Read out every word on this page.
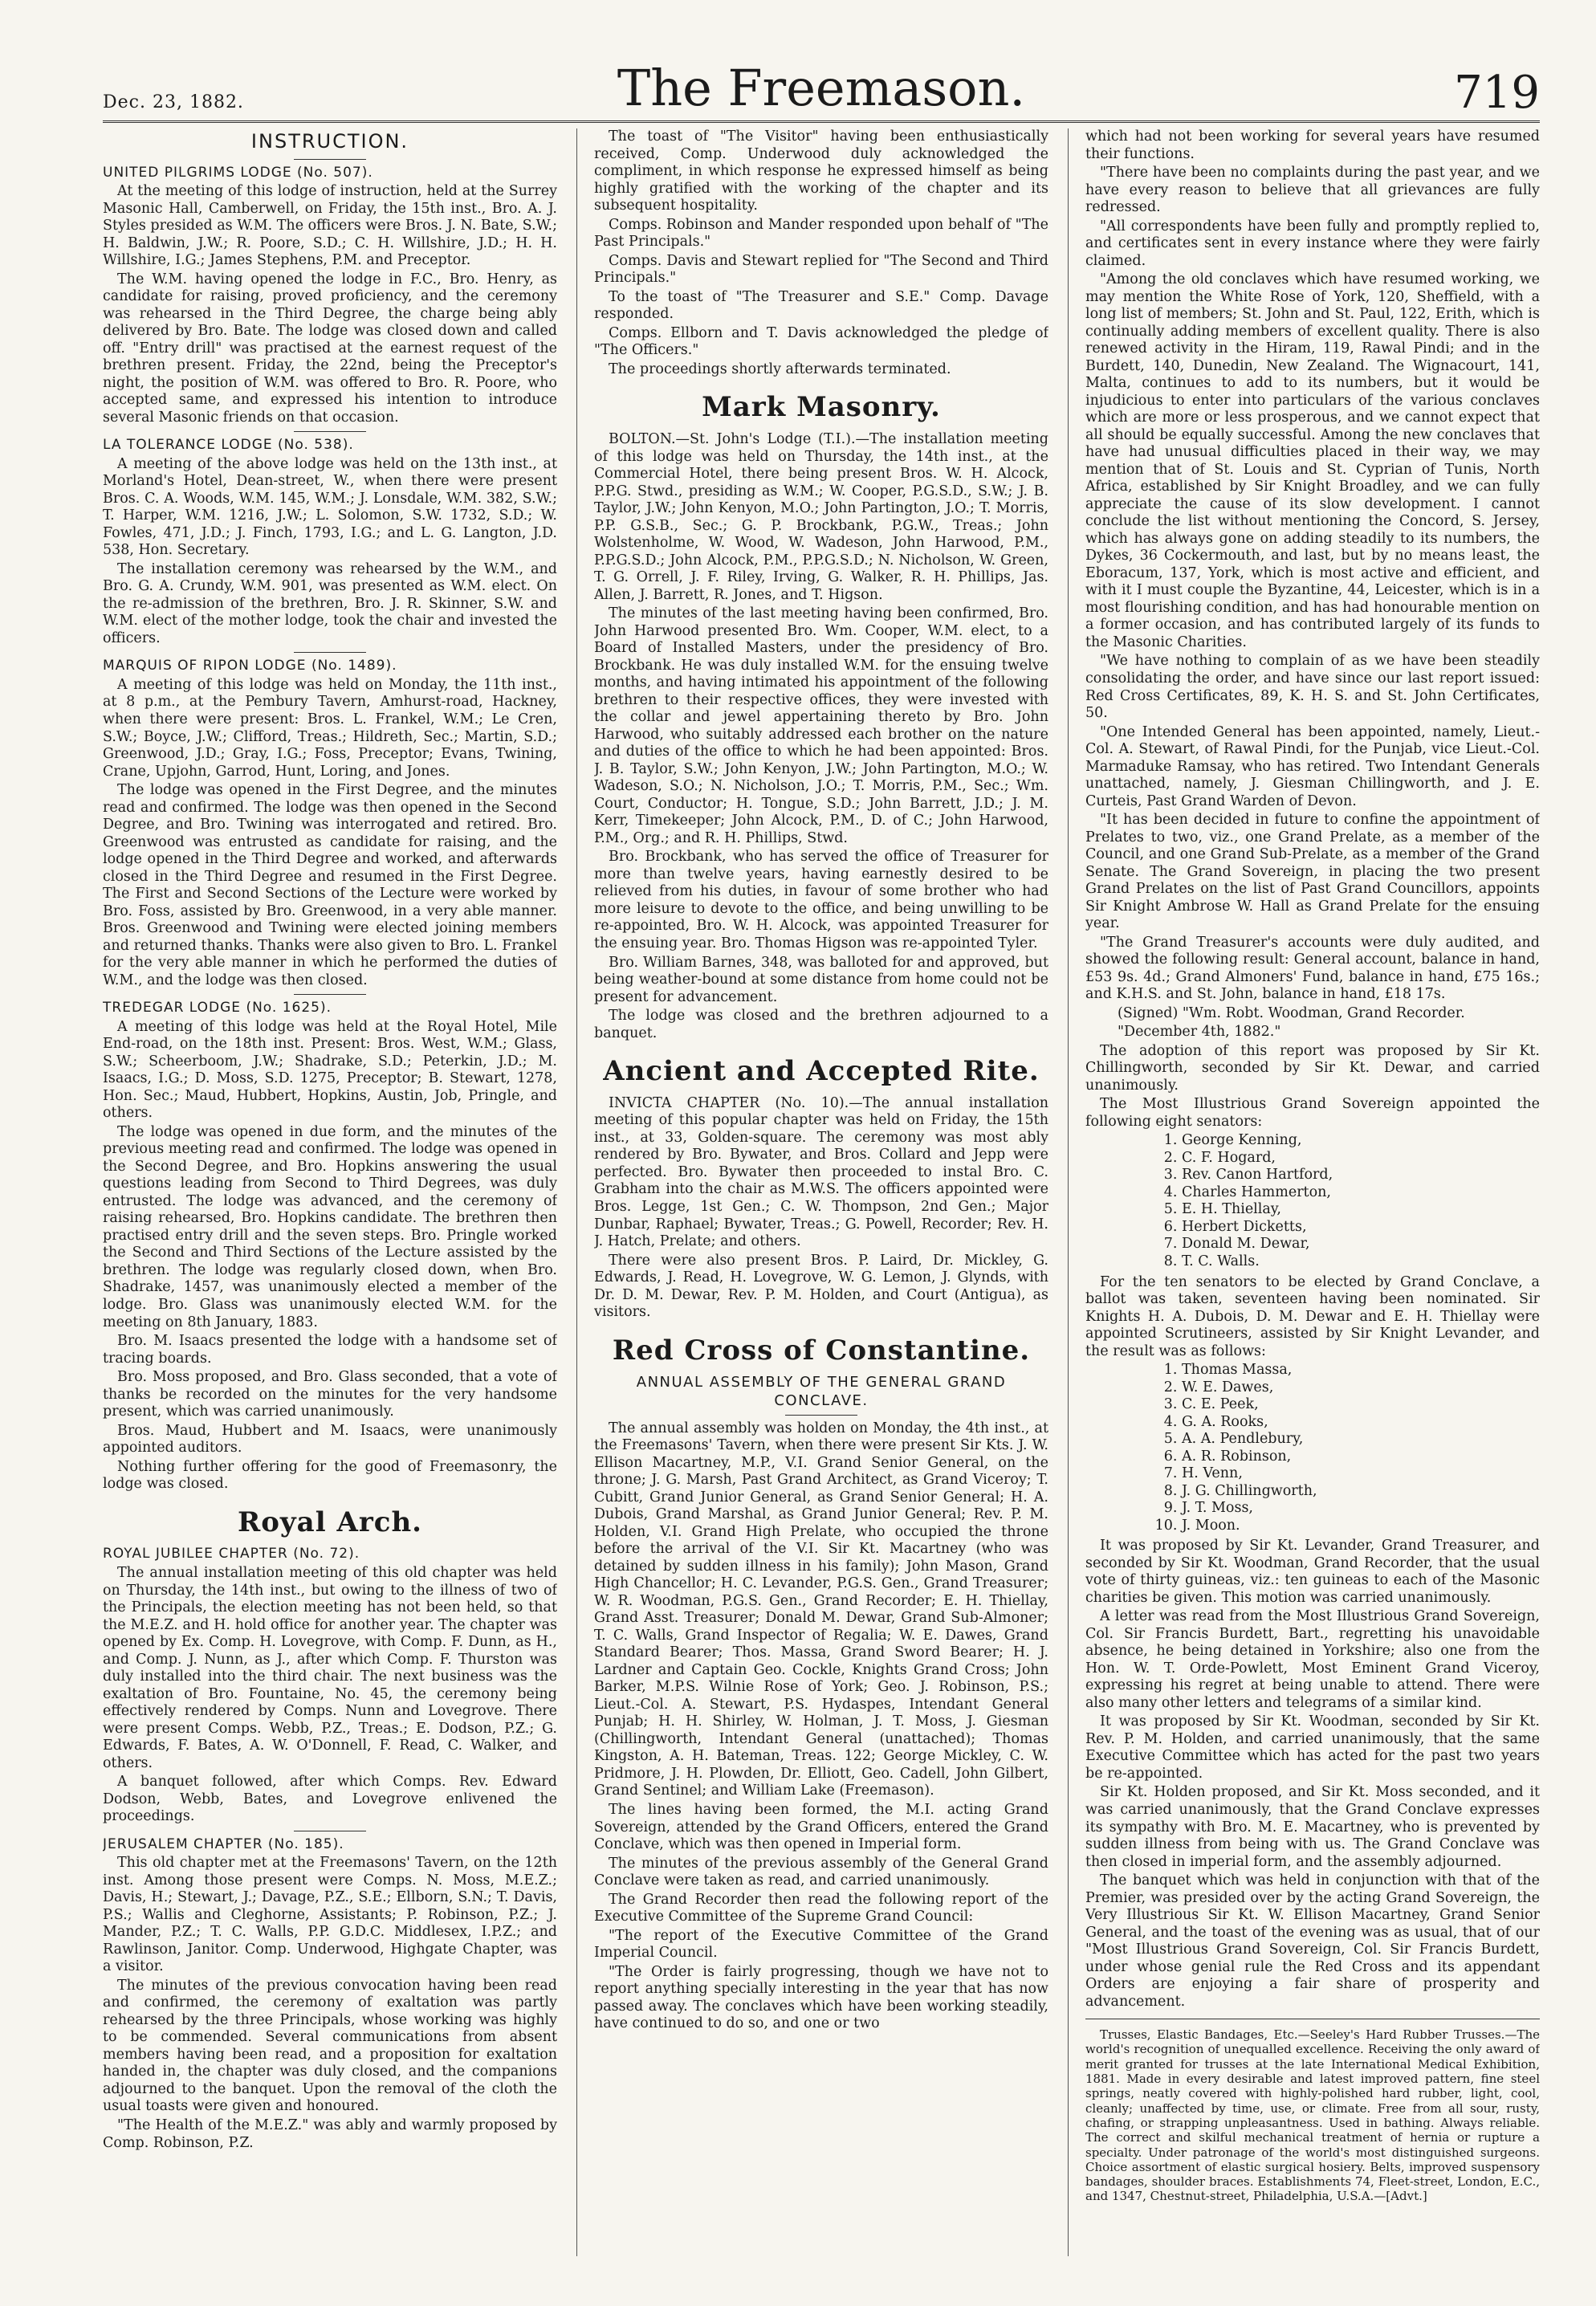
Dec. 23, 1882.	The Freemason.	719
INSTRUCTION.

UNITED PILGRIMS LODGE (No. 507).

At the meeting of this lodge of instruction, held at the Surrey Masonic Hall, Camberwell, on Friday, the 15th inst., Bro. A. J. Styles presided as W.M. The officers were Bros. J. N. Bate, S.W.; H. Baldwin, J.W.; R. Poore, S.D.; C. H. Willshire, J.D.; H. H. Willshire, I.G.; James Stephens, P.M. and Preceptor.

The W.M. having opened the lodge in F.C., Bro. Henry, as candidate for raising, proved proficiency, and the ceremony was rehearsed in the Third Degree, the charge being ably delivered by Bro. Bate. The lodge was closed down and called off. "Entry drill" was practised at the earnest request of the brethren present. Friday, the 22nd, being the Preceptor's night, the position of W.M. was offered to Bro. R. Poore, who accepted same, and expressed his intention to introduce several Masonic friends on that occasion.

LA TOLERANCE LODGE (No. 538).

A meeting of the above lodge was held on the 13th inst., at Morland's Hotel, Dean-street, W., when there were present Bros. C. A. Woods, W.M. 145, W.M.; J. Lonsdale, W.M. 382, S.W.; T. Harper, W.M. 1216, J.W.; L. Solomon, S.W. 1732, S.D.; W. Fowles, 471, J.D.; J. Finch, 1793, I.G.; and L. G. Langton, J.D. 538, Hon. Secretary.

The installation ceremony was rehearsed by the W.M., and Bro. G. A. Crundy, W.M. 901, was presented as W.M. elect. On the re-admission of the brethren, Bro. J. R. Skinner, S.W. and W.M. elect of the mother lodge, took the chair and invested the officers.

MARQUIS OF RIPON LODGE (No. 1489).

A meeting of this lodge was held on Monday, the 11th inst., at 8 p.m., at the Pembury Tavern, Amhurst-road, Hackney, when there were present: Bros. L. Frankel, W.M.; Le Cren, S.W.; Boyce, J.W.; Clifford, Treas.; Hildreth, Sec.; Martin, S.D.; Greenwood, J.D.; Gray, I.G.; Foss, Preceptor; Evans, Twining, Crane, Upjohn, Garrod, Hunt, Loring, and Jones.

The lodge was opened in the First Degree, and the minutes read and confirmed. The lodge was then opened in the Second Degree, and Bro. Twining was interrogated and retired. Bro. Greenwood was entrusted as candidate for raising, and the lodge opened in the Third Degree and worked, and afterwards closed in the Third Degree and resumed in the First Degree. The First and Second Sections of the Lecture were worked by Bro. Foss, assisted by Bro. Greenwood, in a very able manner. Bros. Greenwood and Twining were elected joining members and returned thanks. Thanks were also given to Bro. L. Frankel for the very able manner in which he performed the duties of W.M., and the lodge was then closed.

TREDEGAR LODGE (No. 1625).

A meeting of this lodge was held at the Royal Hotel, Mile End-road, on the 18th inst. Present: Bros. West, W.M.; Glass, S.W.; Scheerboom, J.W.; Shadrake, S.D.; Peterkin, J.D.; M. Isaacs, I.G.; D. Moss, S.D. 1275, Preceptor; B. Stewart, 1278, Hon. Sec.; Maud, Hubbert, Hopkins, Austin, Job, Pringle, and others.

The lodge was opened in due form, and the minutes of the previous meeting read and confirmed. The lodge was opened in the Second Degree, and Bro. Hopkins answering the usual questions leading from Second to Third Degrees, was duly entrusted. The lodge was advanced, and the ceremony of raising rehearsed, Bro. Hopkins candidate. The brethren then practised entry drill and the seven steps. Bro. Pringle worked the Second and Third Sections of the Lecture assisted by the brethren. The lodge was regularly closed down, when Bro. Shadrake, 1457, was unanimously elected a member of the lodge. Bro. Glass was unanimously elected W.M. for the meeting on 8th January, 1883.

Bro. M. Isaacs presented the lodge with a handsome set of tracing boards.

Bro. Moss proposed, and Bro. Glass seconded, that a vote of thanks be recorded on the minutes for the very handsome present, which was carried unanimously.

Bros. Maud, Hubbert and M. Isaacs, were unanimously appointed auditors.

Nothing further offering for the good of Freemasonry, the lodge was closed.

Royal Arch.

ROYAL JUBILEE CHAPTER (No. 72).

The annual installation meeting of this old chapter was held on Thursday, the 14th inst., but owing to the illness of two of the Principals, the election meeting has not been held, so that the M.E.Z. and H. hold office for another year. The chapter was opened by Ex. Comp. H. Lovegrove, with Comp. F. Dunn, as H., and Comp. J. Nunn, as J., after which Comp. F. Thurston was duly installed into the third chair. The next business was the exaltation of Bro. Fountaine, No. 45, the ceremony being effectively rendered by Comps. Nunn and Lovegrove. There were present Comps. Webb, P.Z., Treas.; E. Dodson, P.Z.; G. Edwards, F. Bates, A. W. O'Donnell, F. Read, C. Walker, and others.

A banquet followed, after which Comps. Rev. Edward Dodson, Webb, Bates, and Lovegrove enlivened the proceedings.

JERUSALEM CHAPTER (No. 185).

This old chapter met at the Freemasons' Tavern, on the 12th inst. Among those present were Comps. N. Moss, M.E.Z.; Davis, H.; Stewart, J.; Davage, P.Z., S.E.; Ellborn, S.N.; T. Davis, P.S.; Wallis and Cleghorne, Assistants; P. Robinson, P.Z.; J. Mander, P.Z.; T. C. Walls, P.P. G.D.C. Middlesex, I.P.Z.; and Rawlinson, Janitor. Comp. Underwood, Highgate Chapter, was a visitor.

The minutes of the previous convocation having been read and confirmed, the ceremony of exaltation was partly rehearsed by the three Principals, whose working was highly to be commended. Several communications from absent members having been read, and a proposition for exaltation handed in, the chapter was duly closed, and the companions adjourned to the banquet. Upon the removal of the cloth the usual toasts were given and honoured.

"The Health of the M.E.Z." was ably and warmly proposed by Comp. Robinson, P.Z.

The toast of "The Visitor" having been enthusiastically received, Comp. Underwood duly acknowledged the compliment, in which response he expressed himself as being highly gratified with the working of the chapter and its subsequent hospitality.

Comps. Robinson and Mander responded upon behalf of "The Past Principals."

Comps. Davis and Stewart replied for "The Second and Third Principals."

To the toast of "The Treasurer and S.E." Comp. Davage responded.

Comps. Ellborn and T. Davis acknowledged the pledge of "The Officers."

The proceedings shortly afterwards terminated.

Mark Masonry.

BOLTON.—St. John's Lodge (T.I.).—The installation meeting of this lodge was held on Thursday, the 14th inst., at the Commercial Hotel, there being present Bros. W. H. Alcock, P.P.G. Stwd., presiding as W.M.; W. Cooper, P.G.S.D., S.W.; J. B. Taylor, J.W.; John Kenyon, M.O.; John Partington, J.O.; T. Morris, P.P. G.S.B., Sec.; G. P. Brockbank, P.G.W., Treas.; John Wolstenholme, W. Wood, W. Wadeson, John Harwood, P.M., P.P.G.S.D.; John Alcock, P.M., P.P.G.S.D.; N. Nicholson, W. Green, T. G. Orrell, J. F. Riley, Irving, G. Walker, R. H. Phillips, Jas. Allen, J. Barrett, R. Jones, and T. Higson.

The minutes of the last meeting having been confirmed, Bro. John Harwood presented Bro. Wm. Cooper, W.M. elect, to a Board of Installed Masters, under the presidency of Bro. Brockbank. He was duly installed W.M. for the ensuing twelve months, and having intimated his appointment of the following brethren to their respective offices, they were invested with the collar and jewel appertaining thereto by Bro. John Harwood, who suitably addressed each brother on the nature and duties of the office to which he had been appointed: Bros. J. B. Taylor, S.W.; John Kenyon, J.W.; John Partington, M.O.; W. Wadeson, S.O.; N. Nicholson, J.O.; T. Morris, P.M., Sec.; Wm. Court, Conductor; H. Tongue, S.D.; John Barrett, J.D.; J. M. Kerr, Timekeeper; John Alcock, P.M., D. of C.; John Harwood, P.M., Org.; and R. H. Phillips, Stwd.

Bro. Brockbank, who has served the office of Treasurer for more than twelve years, having earnestly desired to be relieved from his duties, in favour of some brother who had more leisure to devote to the office, and being unwilling to be re-appointed, Bro. W. H. Alcock, was appointed Treasurer for the ensuing year. Bro. Thomas Higson was re-appointed Tyler.

Bro. William Barnes, 348, was balloted for and approved, but being weather-bound at some distance from home could not be present for advancement.

The lodge was closed and the brethren adjourned to a banquet.

Ancient and Accepted Rite.

INVICTA CHAPTER (No. 10).—The annual installation meeting of this popular chapter was held on Friday, the 15th inst., at 33, Golden-square. The ceremony was most ably rendered by Bro. Bywater, and Bros. Collard and Jepp were perfected. Bro. Bywater then proceeded to instal Bro. C. Grabham into the chair as M.W.S. The officers appointed were Bros. Legge, 1st Gen.; C. W. Thompson, 2nd Gen.; Major Dunbar, Raphael; Bywater, Treas.; G. Powell, Recorder; Rev. H. J. Hatch, Prelate; and others.

There were also present Bros. P. Laird, Dr. Mickley, G. Edwards, J. Read, H. Lovegrove, W. G. Lemon, J. Glynds, with Dr. D. M. Dewar, Rev. P. M. Holden, and Court (Antigua), as visitors.

Red Cross of Constantine.
ANNUAL ASSEMBLY OF THE GENERAL GRAND CONCLAVE.

The annual assembly was holden on Monday, the 4th inst., at the Freemasons' Tavern, when there were present Sir Kts. J. W. Ellison Macartney, M.P., V.I. Grand Senior General, on the throne; J. G. Marsh, Past Grand Architect, as Grand Viceroy; T. Cubitt, Grand Junior General, as Grand Senior General; H. A. Dubois, Grand Marshal, as Grand Junior General; Rev. P. M. Holden, V.I. Grand High Prelate, who occupied the throne before the arrival of the V.I. Sir Kt. Macartney (who was detained by sudden illness in his family); John Mason, Grand High Chancellor; H. C. Levander, P.G.S. Gen., Grand Treasurer; W. R. Woodman, P.G.S. Gen., Grand Recorder; E. H. Thiellay, Grand Asst. Treasurer; Donald M. Dewar, Grand Sub-Almoner; T. C. Walls, Grand Inspector of Regalia; W. E. Dawes, Grand Standard Bearer; Thos. Massa, Grand Sword Bearer; H. J. Lardner and Captain Geo. Cockle, Knights Grand Cross; John Barker, M.P.S. Wilnie Rose of York; Geo. J. Robinson, P.S.; Lieut.-Col. A. Stewart, P.S. Hydaspes, Intendant General Punjab; H. H. Shirley, W. Holman, J. T. Moss, J. Giesman (Chillingworth, Intendant General (unattached); Thomas Kingston, A. H. Bateman, Treas. 122; George Mickley, C. W. Pridmore, J. H. Plowden, Dr. Elliott, Geo. Cadell, John Gilbert, Grand Sentinel; and William Lake (Freemason).

The lines having been formed, the M.I. acting Grand Sovereign, attended by the Grand Officers, entered the Grand Conclave, which was then opened in Imperial form.

The minutes of the previous assembly of the General Grand Conclave were taken as read, and carried unanimously.

The Grand Recorder then read the following report of the Executive Committee of the Supreme Grand Council:

"The report of the Executive Committee of the Grand Imperial Council.

"The Order is fairly progressing, though we have not to report anything specially interesting in the year that has now passed away. The conclaves which have been working steadily, have continued to do so, and one or two

which had not been working for several years have resumed their functions.

"There have been no complaints during the past year, and we have every reason to believe that all grievances are fully redressed.

"All correspondents have been fully and promptly replied to, and certificates sent in every instance where they were fairly claimed.

"Among the old conclaves which have resumed working, we may mention the White Rose of York, 120, Sheffield, with a long list of members; St. John and St. Paul, 122, Erith, which is continually adding members of excellent quality. There is also renewed activity in the Hiram, 119, Rawal Pindi; and in the Burdett, 140, Dunedin, New Zealand. The Wignacourt, 141, Malta, continues to add to its numbers, but it would be injudicious to enter into particulars of the various conclaves which are more or less prosperous, and we cannot expect that all should be equally successful. Among the new conclaves that have had unusual difficulties placed in their way, we may mention that of St. Louis and St. Cyprian of Tunis, North Africa, established by Sir Knight Broadley, and we can fully appreciate the cause of its slow development. I cannot conclude the list without mentioning the Concord, S. Jersey, which has always gone on adding steadily to its numbers, the Dykes, 36 Cockermouth, and last, but by no means least, the Eboracum, 137, York, which is most active and efficient, and with it I must couple the Byzantine, 44, Leicester, which is in a most flourishing condition, and has had honourable mention on a former occasion, and has contributed largely of its funds to the Masonic Charities.

"We have nothing to complain of as we have been steadily consolidating the order, and have since our last report issued: Red Cross Certificates, 89, K. H. S. and St. John Certificates, 50.

"One Intended General has been appointed, namely, Lieut.-Col. A. Stewart, of Rawal Pindi, for the Punjab, vice Lieut.-Col. Marmaduke Ramsay, who has retired. Two Intendant Generals unattached, namely, J. Giesman Chillingworth, and J. E. Curteis, Past Grand Warden of Devon.

"It has been decided in future to confine the appointment of Prelates to two, viz., one Grand Prelate, as a member of the Council, and one Grand Sub-Prelate, as a member of the Grand Senate. The Grand Sovereign, in placing the two present Grand Prelates on the list of Past Grand Councillors, appoints Sir Knight Ambrose W. Hall as Grand Prelate for the ensuing year.

"The Grand Treasurer's accounts were duly audited, and showed the following result: General account, balance in hand, £53 9s. 4d.; Grand Almoners' Fund, balance in hand, £75 16s.; and K.H.S. and St. John, balance in hand, £18 17s.

(Signed) "Wm. Robt. Woodman, Grand Recorder.

"December 4th, 1882."

The adoption of this report was proposed by Sir Kt. Chillingworth, seconded by Sir Kt. Dewar, and carried unanimously.

The Most Illustrious Grand Sovereign appointed the following eight senators:

1. George Kenning,
2. C. F. Hogard,
3. Rev. Canon Hartford,
4. Charles Hammerton,
5. E. H. Thiellay,
6. Herbert Dicketts,
7. Donald M. Dewar,
8. T. C. Walls.

For the ten senators to be elected by Grand Conclave, a ballot was taken, seventeen having been nominated. Sir Knights H. A. Dubois, D. M. Dewar and E. H. Thiellay were appointed Scrutineers, assisted by Sir Knight Levander, and the result was as follows:

1. Thomas Massa,
2. W. E. Dawes,
3. C. E. Peek,
4. G. A. Rooks,
5. A. A. Pendlebury,
6. A. R. Robinson,
7. H. Venn,
8. J. G. Chillingworth,
9. J. T. Moss,
10. J. Moon.

It was proposed by Sir Kt. Levander, Grand Treasurer, and seconded by Sir Kt. Woodman, Grand Recorder, that the usual vote of thirty guineas, viz.: ten guineas to each of the Masonic charities be given. This motion was carried unanimously.

A letter was read from the Most Illustrious Grand Sovereign, Col. Sir Francis Burdett, Bart., regretting his unavoidable absence, he being detained in Yorkshire; also one from the Hon. W. T. Orde-Powlett, Most Eminent Grand Viceroy, expressing his regret at being unable to attend. There were also many other letters and telegrams of a similar kind.

It was proposed by Sir Kt. Woodman, seconded by Sir Kt. Rev. P. M. Holden, and carried unanimously, that the same Executive Committee which has acted for the past two years be re-appointed.

Sir Kt. Holden proposed, and Sir Kt. Moss seconded, and it was carried unanimously, that the Grand Conclave expresses its sympathy with Bro. M. E. Macartney, who is prevented by sudden illness from being with us. The Grand Conclave was then closed in imperial form, and the assembly adjourned.

The banquet which was held in conjunction with that of the Premier, was presided over by the acting Grand Sovereign, the Very Illustrious Sir Kt. W. Ellison Macartney, Grand Senior General, and the toast of the evening was as usual, that of our "Most Illustrious Grand Sovereign, Col. Sir Francis Burdett, under whose genial rule the Red Cross and its appendant Orders are enjoying a fair share of prosperity and advancement.

Trusses, Elastic Bandages, Etc.—Seeley's Hard Rubber Trusses.—The world's recognition of unequalled excellence. Receiving the only award of merit granted for trusses at the late International Medical Exhibition, 1881. Made in every desirable and latest improved pattern, fine steel springs, neatly covered with highly-polished hard rubber, light, cool, cleanly; unaffected by time, use, or climate. Free from all sour, rusty, chafing, or strapping unpleasantness. Used in bathing. Always reliable. The correct and skilful mechanical treatment of hernia or rupture a specialty. Under patronage of the world's most distinguished surgeons. Choice assortment of elastic surgical hosiery. Belts, improved suspensory bandages, shoulder braces. Establishments 74, Fleet-street, London, E.C., and 1347, Chestnut-street, Philadelphia, U.S.A.—[Advt.]
